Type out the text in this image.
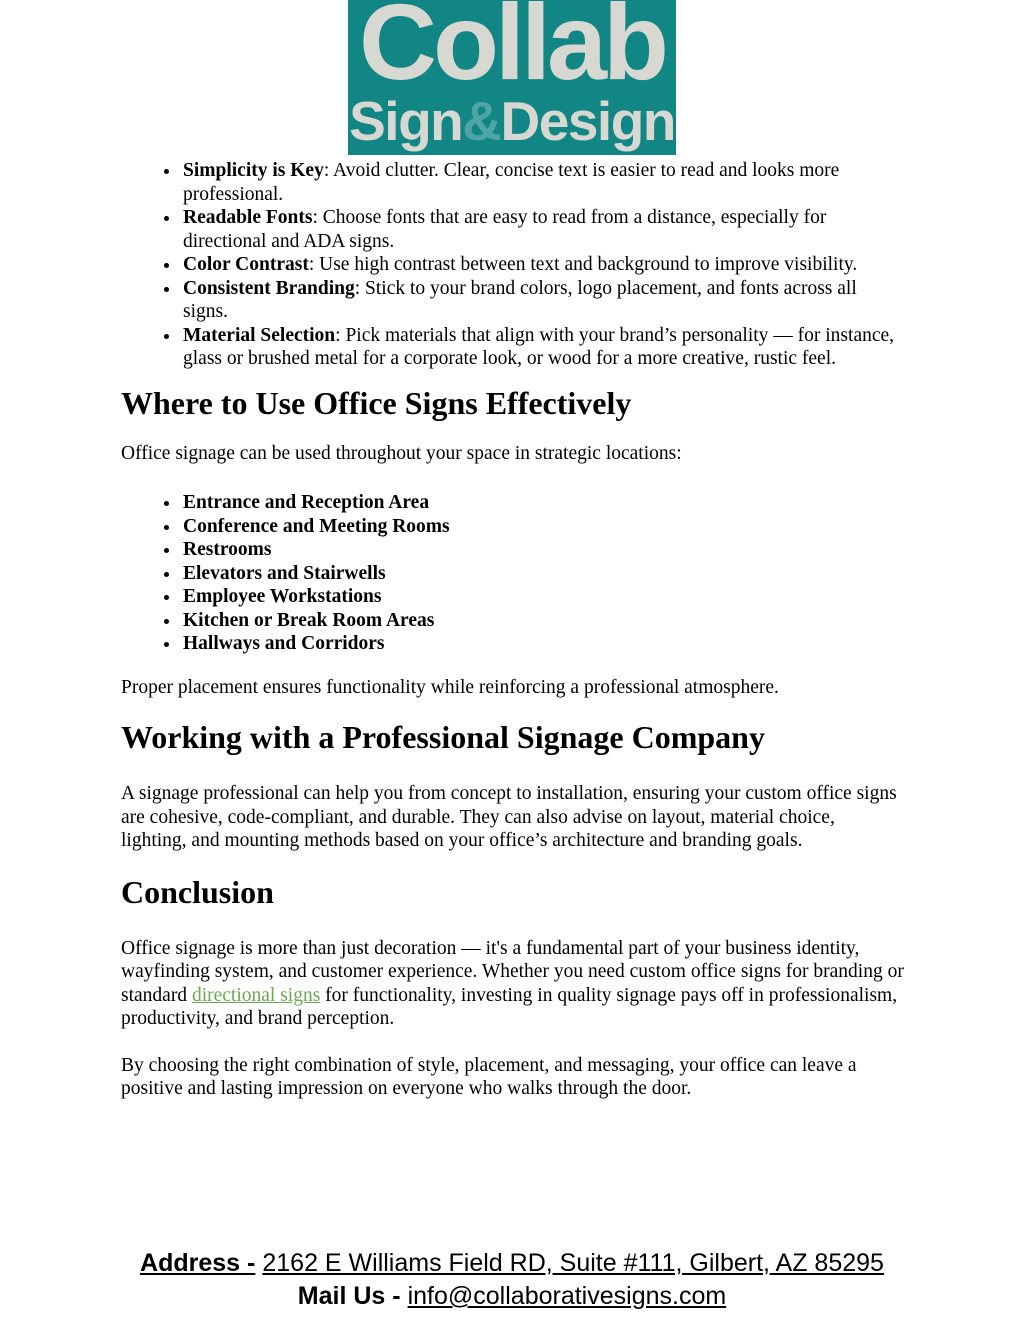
Collab
Sign&Design
• Simplicity is Key: Avoid clutter. Clear, concise text is easier to read and looks more professional.
• Readable Fonts: Choose fonts that are easy to read from a distance, especially for directional and ADA signs.
• Color Contrast: Use high contrast between text and background to improve visibility.
• Consistent Branding: Stick to your brand colors, logo placement, and fonts across all signs.
• Material Selection: Pick materials that align with your brand’s personality — for instance, glass or brushed metal for a corporate look, or wood for a more creative, rustic feel.
Where to Use Office Signs Effectively

Office signage can be used throughout your space in strategic locations:

• Entrance and Reception Area
• Conference and Meeting Rooms
• Restrooms
• Elevators and Stairwells
• Employee Workstations
• Kitchen or Break Room Areas
• Hallways and Corridors

Proper placement ensures functionality while reinforcing a professional atmosphere.

Working with a Professional Signage Company

A signage professional can help you from concept to installation, ensuring your custom office signs are cohesive, code-compliant, and durable. They can also advise on layout, material choice, lighting, and mounting methods based on your office’s architecture and branding goals.

Conclusion

Office signage is more than just decoration — it's a fundamental part of your business identity, wayfinding system, and customer experience. Whether you need custom office signs for branding or standard directional signs for functionality, investing in quality signage pays off in professionalism, productivity, and brand perception.

By choosing the right combination of style, placement, and messaging, your office can leave a positive and lasting impression on everyone who walks through the door.

Address - 2162 E Williams Field RD, Suite #111, Gilbert, AZ 85295
Mail Us - info@collaborativesigns.com
